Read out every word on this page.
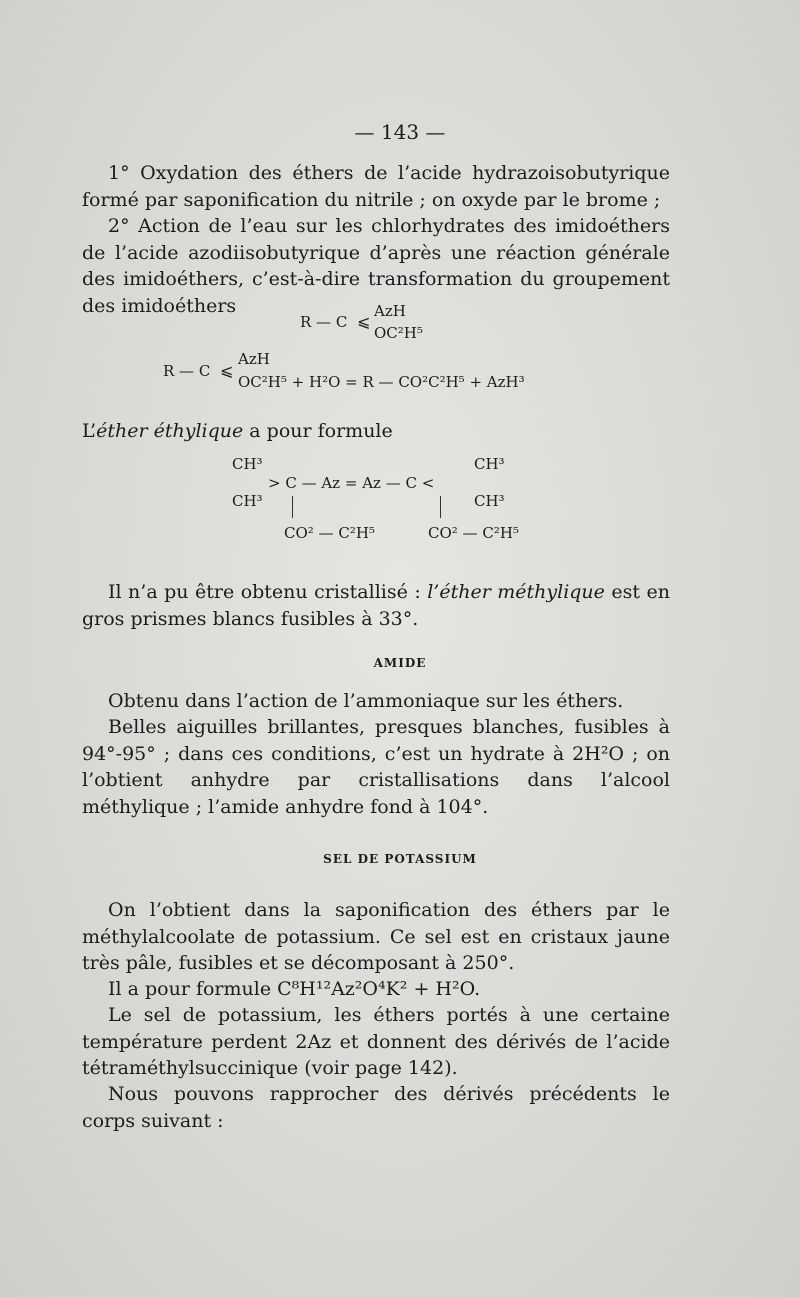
— 143 —
1° Oxydation des éthers de l’acide hydrazoisobutyrique formé par saponification du nitrile ; on oxyde par le brome ;
2° Action de l’eau sur les chlorhydrates des imidoéthers de l’acide azodiisobutyrique d’après une réaction générale des imidoéthers, c’est-à-dire transformation du groupement des imidoéthers
R — C ⩽
AzH
OC²H⁵
R — C ⩽
AzH
OC²H⁵ + H²O = R — CO²C²H⁵ + AzH³
L’éther éthylique a pour formule
CH³
CH³
> C — Az = Az — C <
CH³
CH³
CO² — C²H⁵	CO² — C²H⁵
Il n’a pu être obtenu cristallisé : l’éther méthylique est en gros prismes blancs fusibles à 33°.
AMIDE
Obtenu dans l’action de l’ammoniaque sur les éthers.
Belles aiguilles brillantes, presques blanches, fusibles à 94°-95° ; dans ces conditions, c’est un hydrate à 2H²O ; on l’obtient anhydre par cristallisations dans l’alcool méthylique ; l’amide anhydre fond à 104°.
SEL DE POTASSIUM
On l’obtient dans la saponification des éthers par le méthylalcoolate de potassium. Ce sel est en cristaux jaune très pâle, fusibles et se décomposant à 250°.
Il a pour formule C⁸H¹²Az²O⁴K² + H²O.
Le sel de potassium, les éthers portés à une certaine température perdent 2Az et donnent des dérivés de l’acide tétraméthylsuccinique (voir page 142).
Nous pouvons rapprocher des dérivés précédents le corps suivant :
